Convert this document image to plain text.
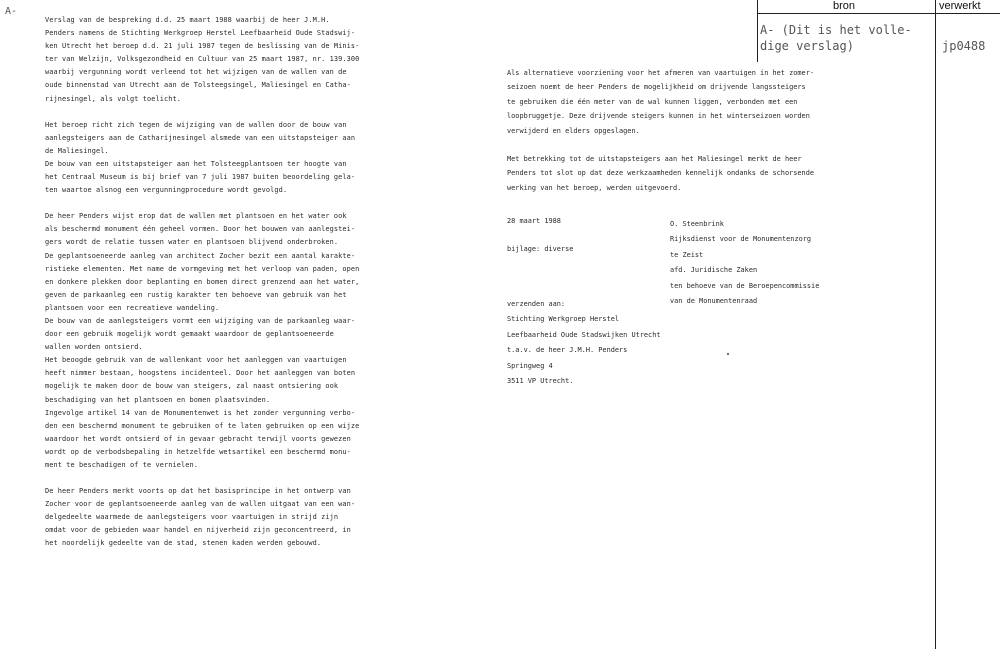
A-	bron	verwerkt
A- (Dit is het volle-
dige verslag)	jp0488
Verslag van de bespreking d.d. 25 maart 1988 waarbij de heer J.M.H.
Penders namens de Stichting Werkgroep Herstel Leefbaarheid Oude Stadswij-
ken Utrecht het beroep d.d. 21 juli 1987 tegen de beslissing van de Minis-
ter van Welzijn, Volksgezondheid en Cultuur van 25 maart 1987, nr. 139.300
waarbij vergunning wordt verleend tot het wijzigen van de wallen van de
oude binnenstad van Utrecht aan de Tolsteegsingel, Maliesingel en Catha-
rijnesingel, als volgt toelicht.
Het beroep richt zich tegen de wijziging van de wallen door de bouw van
aanlegsteigers aan de Catharijnesingel alsmede van een uitstapsteiger aan
de Maliesingel.
De bouw van een uitstapsteiger aan het Tolsteegplantsoen ter hoogte van
het Centraal Museum is bij brief van 7 juli 1987 buiten beoordeling gela-
ten waartoe alsnog een vergunningprocedure wordt gevolgd.
De heer Penders wijst erop dat de wallen met plantsoen en het water ook
als beschermd monument één geheel vormen. Door het bouwen van aanlegstei-
gers wordt de relatie tussen water en plantsoen blijvend onderbroken.
De geplantsoeneerde aanleg van architect Zocher bezit een aantal karakte-
ristieke elementen. Met name de vormgeving met het verloop van paden, open
en donkere plekken door beplanting en bomen direct grenzend aan het water,
geven de parkaanleg een rustig karakter ten behoeve van gebruik van het
plantsoen voor een recreatieve wandeling.
De bouw van de aanlegsteigers vormt een wijziging van de parkaanleg waar-
door een gebruik mogelijk wordt gemaakt waardoor de geplantsoeneerde
wallen worden ontsierd.
Het beoogde gebruik van de wallenkant voor het aanleggen van vaartuigen
heeft nimmer bestaan, hoogstens incidenteel. Door het aanleggen van boten
mogelijk te maken door de bouw van steigers, zal naast ontsiering ook
beschadiging van het plantsoen en bomen plaatsvinden.
Ingevolge artikel 14 van de Monumentenwet is het zonder vergunning verbo-
den een beschermd monument te gebruiken of te laten gebruiken op een wijze
waardoor het wordt ontsierd of in gevaar gebracht terwijl voorts gewezen
wordt op de verbodsbepaling in hetzelfde wetsartikel een beschermd monu-
ment te beschadigen of te vernielen.
De heer Penders merkt voorts op dat het basisprincipe in het ontwerp van
Zocher voor de geplantsoeneerde aanleg van de wallen uitgaat van een wan-
delgedeelte waarmede de aanlegsteigers voor vaartuigen in strijd zijn
omdat voor de gebieden waar handel en nijverheid zijn geconcentreerd, in
het noordelijk gedeelte van de stad, stenen kaden werden gebouwd.
Als alternatieve voorziening voor het afmeren van vaartuigen in het zomer-
seizoen noemt de heer Penders de mogelijkheid om drijvende langssteigers
te gebruiken die één meter van de wal kunnen liggen, verbonden met een
loopbruggetje. Deze drijvende steigers kunnen in het winterseizoen worden
verwijderd en elders opgeslagen.
Met betrekking tot de uitstapsteigers aan het Maliesingel merkt de heer
Penders tot slot op dat deze werkzaamheden kennelijk ondanks de schorsende
werking van het beroep, werden uitgevoerd.
28 maart 1988
bijlage: diverse
O. Steenbrink
Rijksdienst voor de Monumentenzorg
te Zeist
afd. Juridische Zaken
ten behoeve van de Beroepencommissie
van de Monumentenraad
verzenden aan:
Stichting Werkgroep Herstel
Leefbaarheid Oude Stadswijken Utrecht
t.a.v. de heer J.M.H. Penders
Springweg 4
3511 VP Utrecht.
